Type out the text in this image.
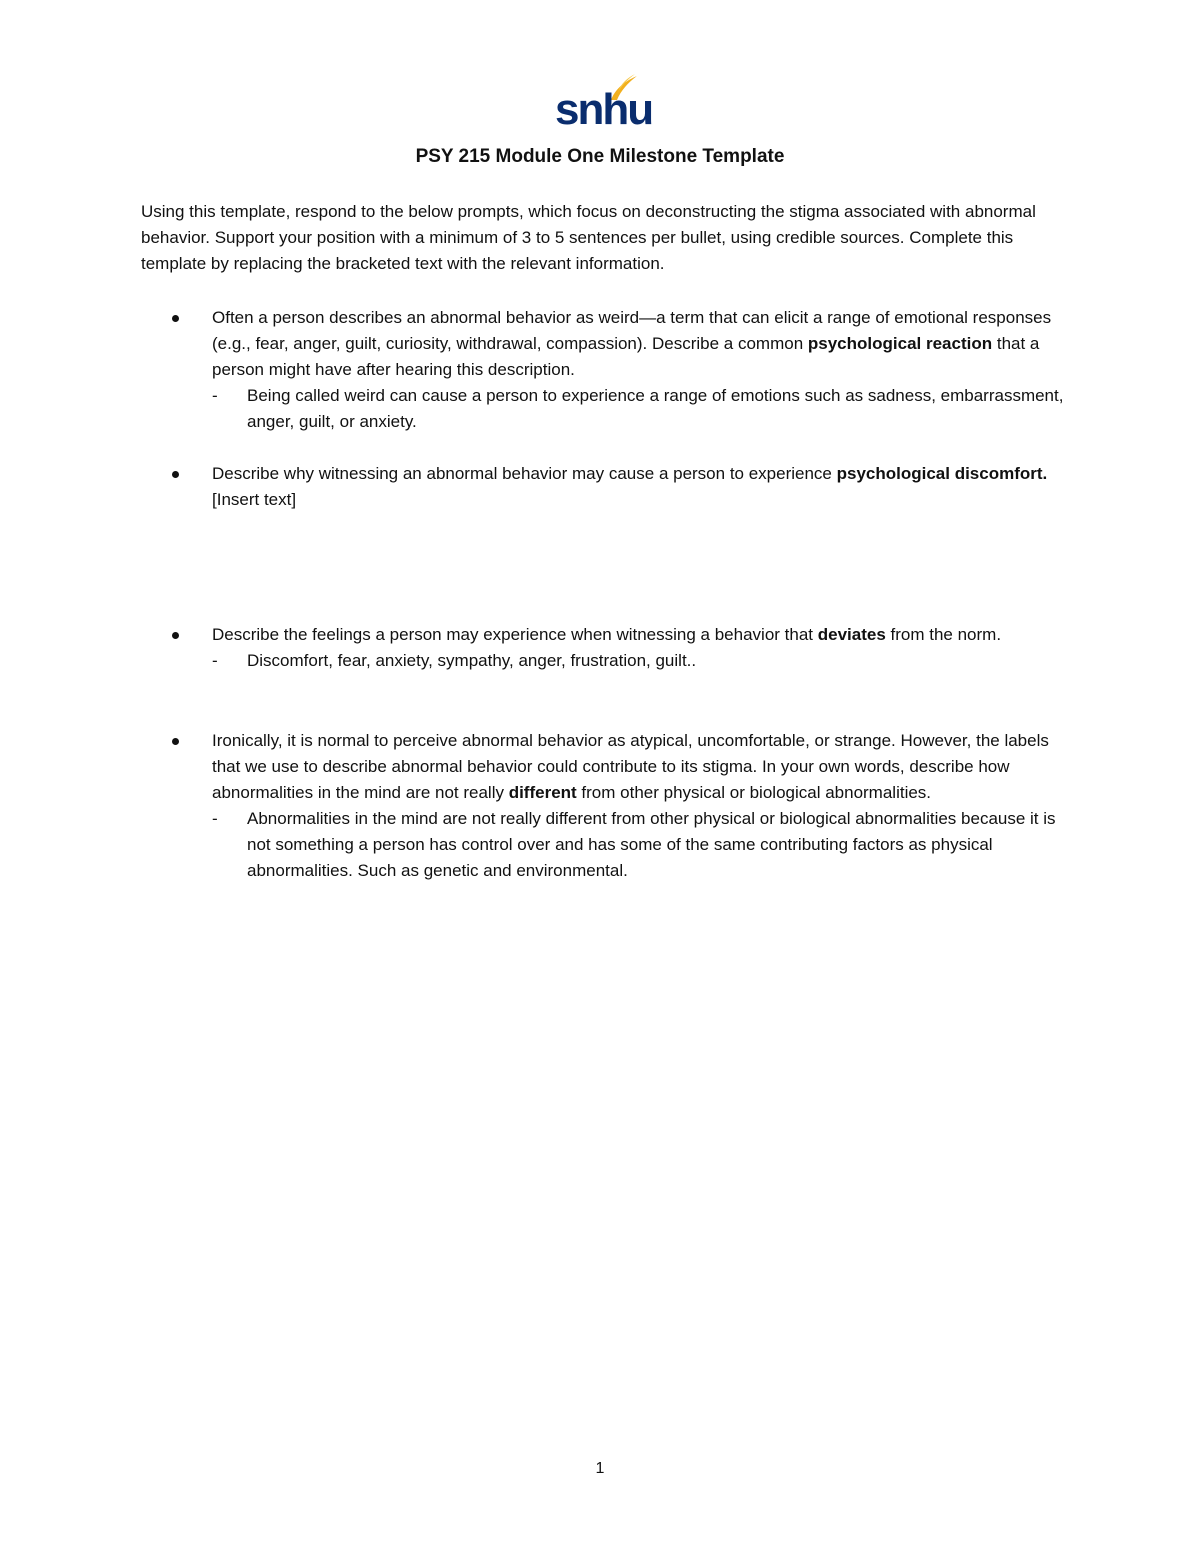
snhu
PSY 215 Module One Milestone Template
Using this template, respond to the below prompts, which focus on deconstructing the stigma associated with abnormal behavior. Support your position with a minimum of 3 to 5 sentences per bullet, using credible sources. Complete this template by replacing the bracketed text with the relevant information.
Often a person describes an abnormal behavior as weird—a term that can elicit a range of emotional responses (e.g., fear, anger, guilt, curiosity, withdrawal, compassion). Describe a common psychological reaction that a person might have after hearing this description.
- Being called weird can cause a person to experience a range of emotions such as sadness, embarrassment, anger, guilt, or anxiety.
Describe why witnessing an abnormal behavior may cause a person to experience psychological discomfort.
[Insert text]
Describe the feelings a person may experience when witnessing a behavior that deviates from the norm.
- Discomfort, fear, anxiety, sympathy, anger, frustration, guilt..
Ironically, it is normal to perceive abnormal behavior as atypical, uncomfortable, or strange. However, the labels that we use to describe abnormal behavior could contribute to its stigma. In your own words, describe how abnormalities in the mind are not really different from other physical or biological abnormalities.
- Abnormalities in the mind are not really different from other physical or biological abnormalities because it is not something a person has control over and has some of the same contributing factors as physical abnormalities. Such as genetic and environmental.
1
